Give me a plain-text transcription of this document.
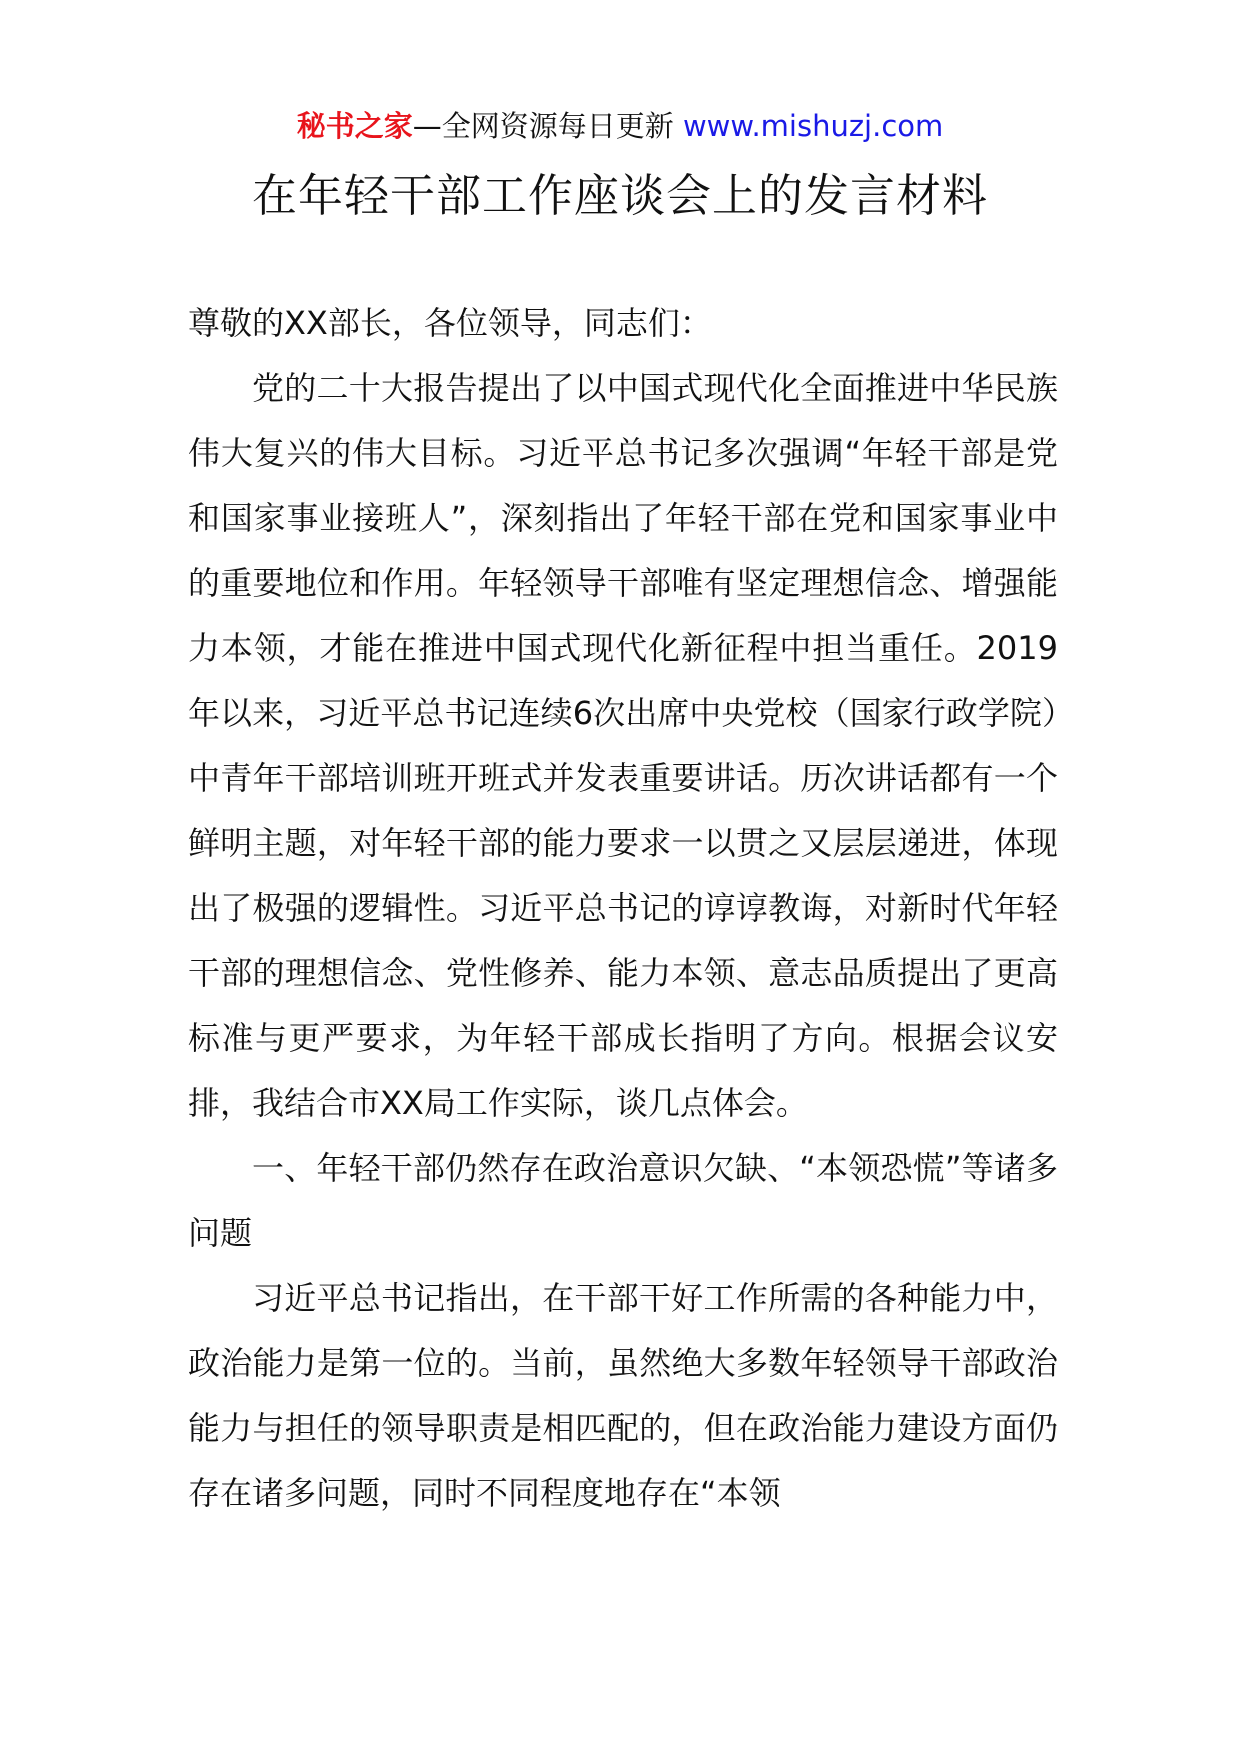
秘书之家—全网资源每日更新 www.mishuzj.com
在年轻干部工作座谈会上的发言材料

尊敬的XX部长，各位领导，同志们：

党的二十大报告提出了以中国式现代化全面推进中华民族伟大复兴的伟大目标。习近平总书记多次强调“年轻干部是党和国家事业接班人”，深刻指出了年轻干部在党和国家事业中的重要地位和作用。年轻领导干部唯有坚定理想信念、增强能力本领，才能在推进中国式现代化新征程中担当重任。2019年以来，习近平总书记连续6次出席中央党校（国家行政学院）中青年干部培训班开班式并发表重要讲话。历次讲话都有一个鲜明主题，对年轻干部的能力要求一以贯之又层层递进，体现出了极强的逻辑性。习近平总书记的谆谆教诲，对新时代年轻干部的理想信念、党性修养、能力本领、意志品质提出了更高标准与更严要求，为年轻干部成长指明了方向。根据会议安排，我结合市XX局工作实际，谈几点体会。

一、年轻干部仍然存在政治意识欠缺、“本领恐慌”等诸多问题

习近平总书记指出，在干部干好工作所需的各种能力中，政治能力是第一位的。当前，虽然绝大多数年轻领导干部政治能力与担任的领导职责是相匹配的，但在政治能力建设方面仍存在诸多问题，同时不同程度地存在“本领
